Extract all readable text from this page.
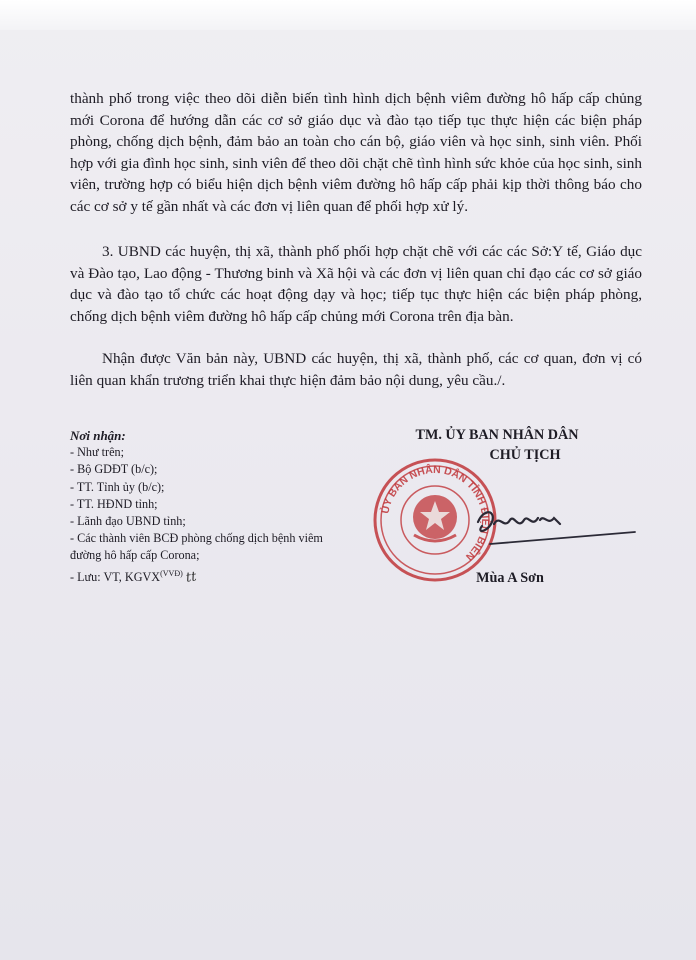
thành phố trong việc theo dõi diễn biến tình hình dịch bệnh viêm đường hô hấp cấp chủng mới Corona để hướng dẫn các cơ sở giáo dục và đào tạo tiếp tục thực hiện các biện pháp phòng, chống dịch bệnh, đảm bảo an toàn cho cán bộ, giáo viên và học sinh, sinh viên. Phối hợp với gia đình học sinh, sinh viên để theo dõi chặt chẽ tình hình sức khỏe của học sinh, sinh viên, trường hợp có biểu hiện dịch bệnh viêm đường hô hấp cấp phải kịp thời thông báo cho các cơ sở y tế gần nhất và các đơn vị liên quan để phối hợp xử lý.

3. UBND các huyện, thị xã, thành phố phối hợp chặt chẽ với các các Sở:Y tế, Giáo dục và Đào tạo, Lao động - Thương binh và Xã hội và các đơn vị liên quan chỉ đạo các cơ sở giáo dục và đào tạo tổ chức các hoạt động dạy và học; tiếp tục thực hiện các biện pháp phòng, chống dịch bệnh viêm đường hô hấp cấp chủng mới Corona trên địa bàn.

Nhận được Văn bản này, UBND các huyện, thị xã, thành phố, các cơ quan, đơn vị có liên quan khẩn trương triển khai thực hiện đảm bảo nội dung, yêu cầu./.

Nơi nhận:
- Như trên;
- Bộ GDĐT (b/c);
- TT. Tỉnh ủy (b/c);
- TT. HĐND tỉnh;
- Lãnh đạo UBND tỉnh;
- Các thành viên BCĐ phòng chống dịch bệnh viêm đường hô hấp cấp Corona;
- Lưu: VT, $KGVX^{(VVĐ)}$ tt

TM. ỦY BAN NHÂN DÂN

CHỦ TỊCH

ỦY BAN NHÂN DÂN TỈNH ĐIỆN BIÊN

Mùa A Sơn
